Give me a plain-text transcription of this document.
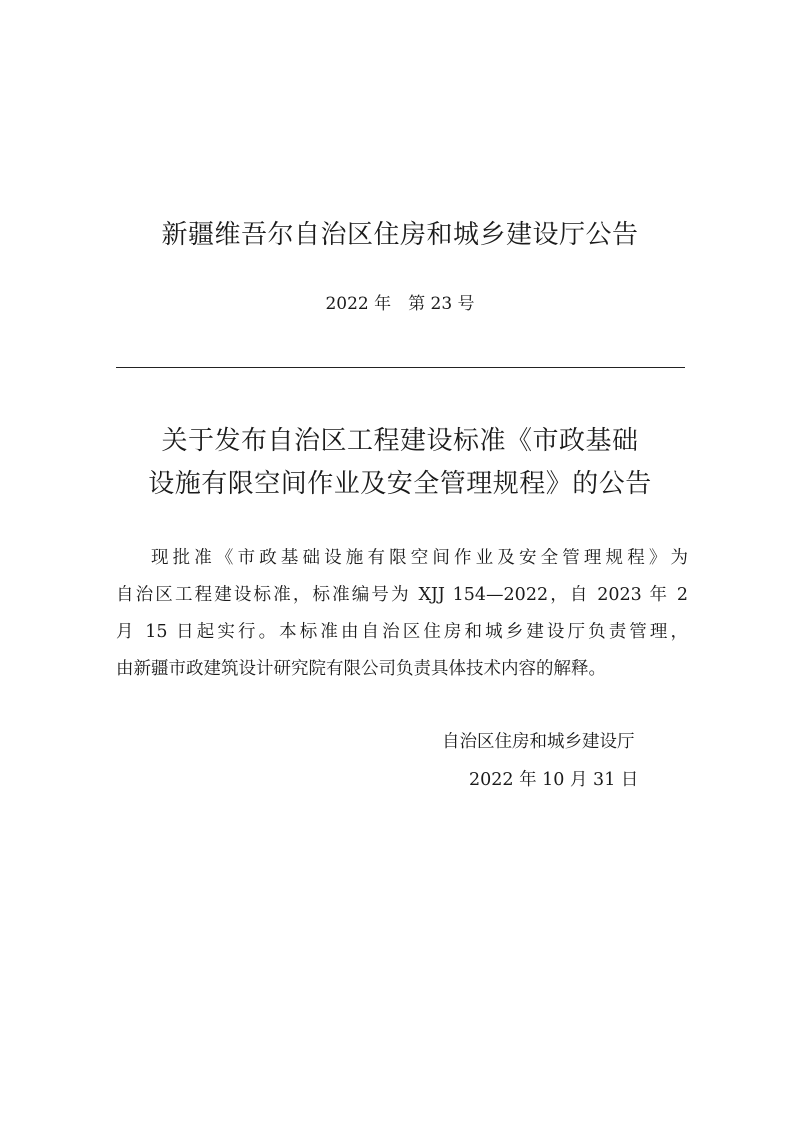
新疆维吾尔自治区住房和城乡建设厅公告
2022 年　第 23 号
关于发布自治区工程建设标准《市政基础
设施有限空间作业及安全管理规程》的公告
现批准《市政基础设施有限空间作业及安全管理规程》为
自治区工程建设标准，标准编号为 XJJ 154—2022，自 2023 年 2
月 15 日起实行。本标准由自治区住房和城乡建设厅负责管理，
由新疆市政建筑设计研究院有限公司负责具体技术内容的解释。
自治区住房和城乡建设厅
2022 年 10 月 31 日
